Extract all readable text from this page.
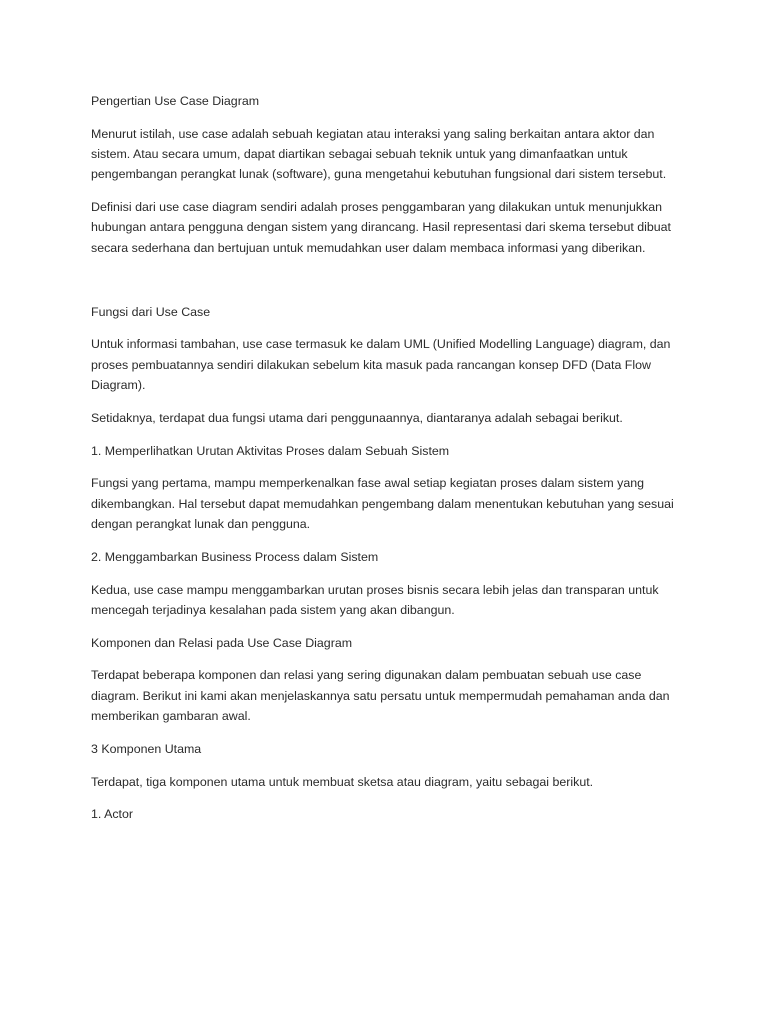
Pengertian Use Case Diagram

Menurut istilah, use case adalah sebuah kegiatan atau interaksi yang saling berkaitan antara aktor dan sistem. Atau secara umum, dapat diartikan sebagai sebuah teknik untuk yang dimanfaatkan untuk pengembangan perangkat lunak (software), guna mengetahui kebutuhan fungsional dari sistem tersebut.

Definisi dari use case diagram sendiri adalah proses penggambaran yang dilakukan untuk menunjukkan hubungan antara pengguna dengan sistem yang dirancang. Hasil representasi dari skema tersebut dibuat secara sederhana dan bertujuan untuk memudahkan user dalam membaca informasi yang diberikan.

Fungsi dari Use Case

Untuk informasi tambahan, use case termasuk ke dalam UML (Unified Modelling Language) diagram, dan proses pembuatannya sendiri dilakukan sebelum kita masuk pada rancangan konsep DFD (Data Flow Diagram).

Setidaknya, terdapat dua fungsi utama dari penggunaannya, diantaranya adalah sebagai berikut.

1. Memperlihatkan Urutan Aktivitas Proses dalam Sebuah Sistem

Fungsi yang pertama, mampu memperkenalkan fase awal setiap kegiatan proses dalam sistem yang dikembangkan. Hal tersebut dapat memudahkan pengembang dalam menentukan kebutuhan yang sesuai dengan perangkat lunak dan pengguna.

2. Menggambarkan Business Process dalam Sistem

Kedua, use case mampu menggambarkan urutan proses bisnis secara lebih jelas dan transparan untuk mencegah terjadinya kesalahan pada sistem yang akan dibangun.

Komponen dan Relasi pada Use Case Diagram

Terdapat beberapa komponen dan relasi yang sering digunakan dalam pembuatan sebuah use case diagram. Berikut ini kami akan menjelaskannya satu persatu untuk mempermudah pemahaman anda dan memberikan gambaran awal.

3 Komponen Utama

Terdapat, tiga komponen utama untuk membuat sketsa atau diagram, yaitu sebagai berikut.

1. Actor
